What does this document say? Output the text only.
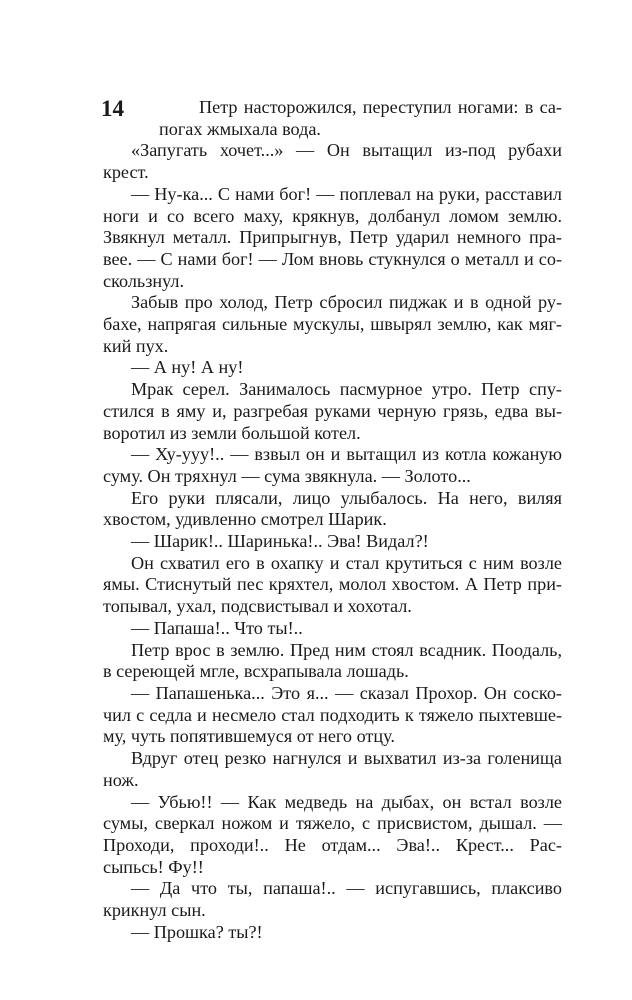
14	Петр насторожился, переступил ногами: в са-
погах жмыхала вода.
«Запугать хочет...» — Он вытащил из-под рубахи
крест.
— Ну-ка... С нами бог! — поплевал на руки, расставил
ноги и со всего маху, крякнув, долбанул ломом землю.
Звякнул металл. Припрыгнув, Петр ударил немного пра-
вее. — С нами бог! — Лом вновь стукнулся о металл и со-
скользнул.
Забыв про холод, Петр сбросил пиджак и в одной ру-
бахе, напрягая сильные мускулы, швырял землю, как мяг-
кий пух.
— А ну! А ну!
Мрак серел. Занималось пасмурное утро. Петр спу-
стился в яму и, разгребая руками черную грязь, едва вы-
воротил из земли большой котел.
— Ху-ууу!.. — взвыл он и вытащил из котла кожаную
суму. Он тряхнул — сума звякнула. — Золото...
Его руки плясали, лицо улыбалось. На него, виляя
хвостом, удивленно смотрел Шарик.
— Шарик!.. Шаринька!.. Эва! Видал?!
Он схватил его в охапку и стал крутиться с ним возле
ямы. Стиснутый пес кряхтел, молол хвостом. А Петр при-
топывал, ухал, подсвистывал и хохотал.
— Папаша!.. Что ты!..
Петр врос в землю. Пред ним стоял всадник. Поодаль,
в сереющей мгле, всхрапывала лошадь.
— Папашенька... Это я... — сказал Прохор. Он соско-
чил с седла и несмело стал подходить к тяжело пыхтевше-
му, чуть попятившемуся от него отцу.
Вдруг отец резко нагнулся и выхватил из-за голенища
нож.
— Убью!! — Как медведь на дыбах, он встал возле
сумы, сверкал ножом и тяжело, с присвистом, дышал. —
Проходи, проходи!.. Не отдам... Эва!.. Крест... Рас-
сыпьсь! Фу!!
— Да что ты, папаша!.. — испугавшись, плаксиво
крикнул сын.
— Прошка? ты?!
